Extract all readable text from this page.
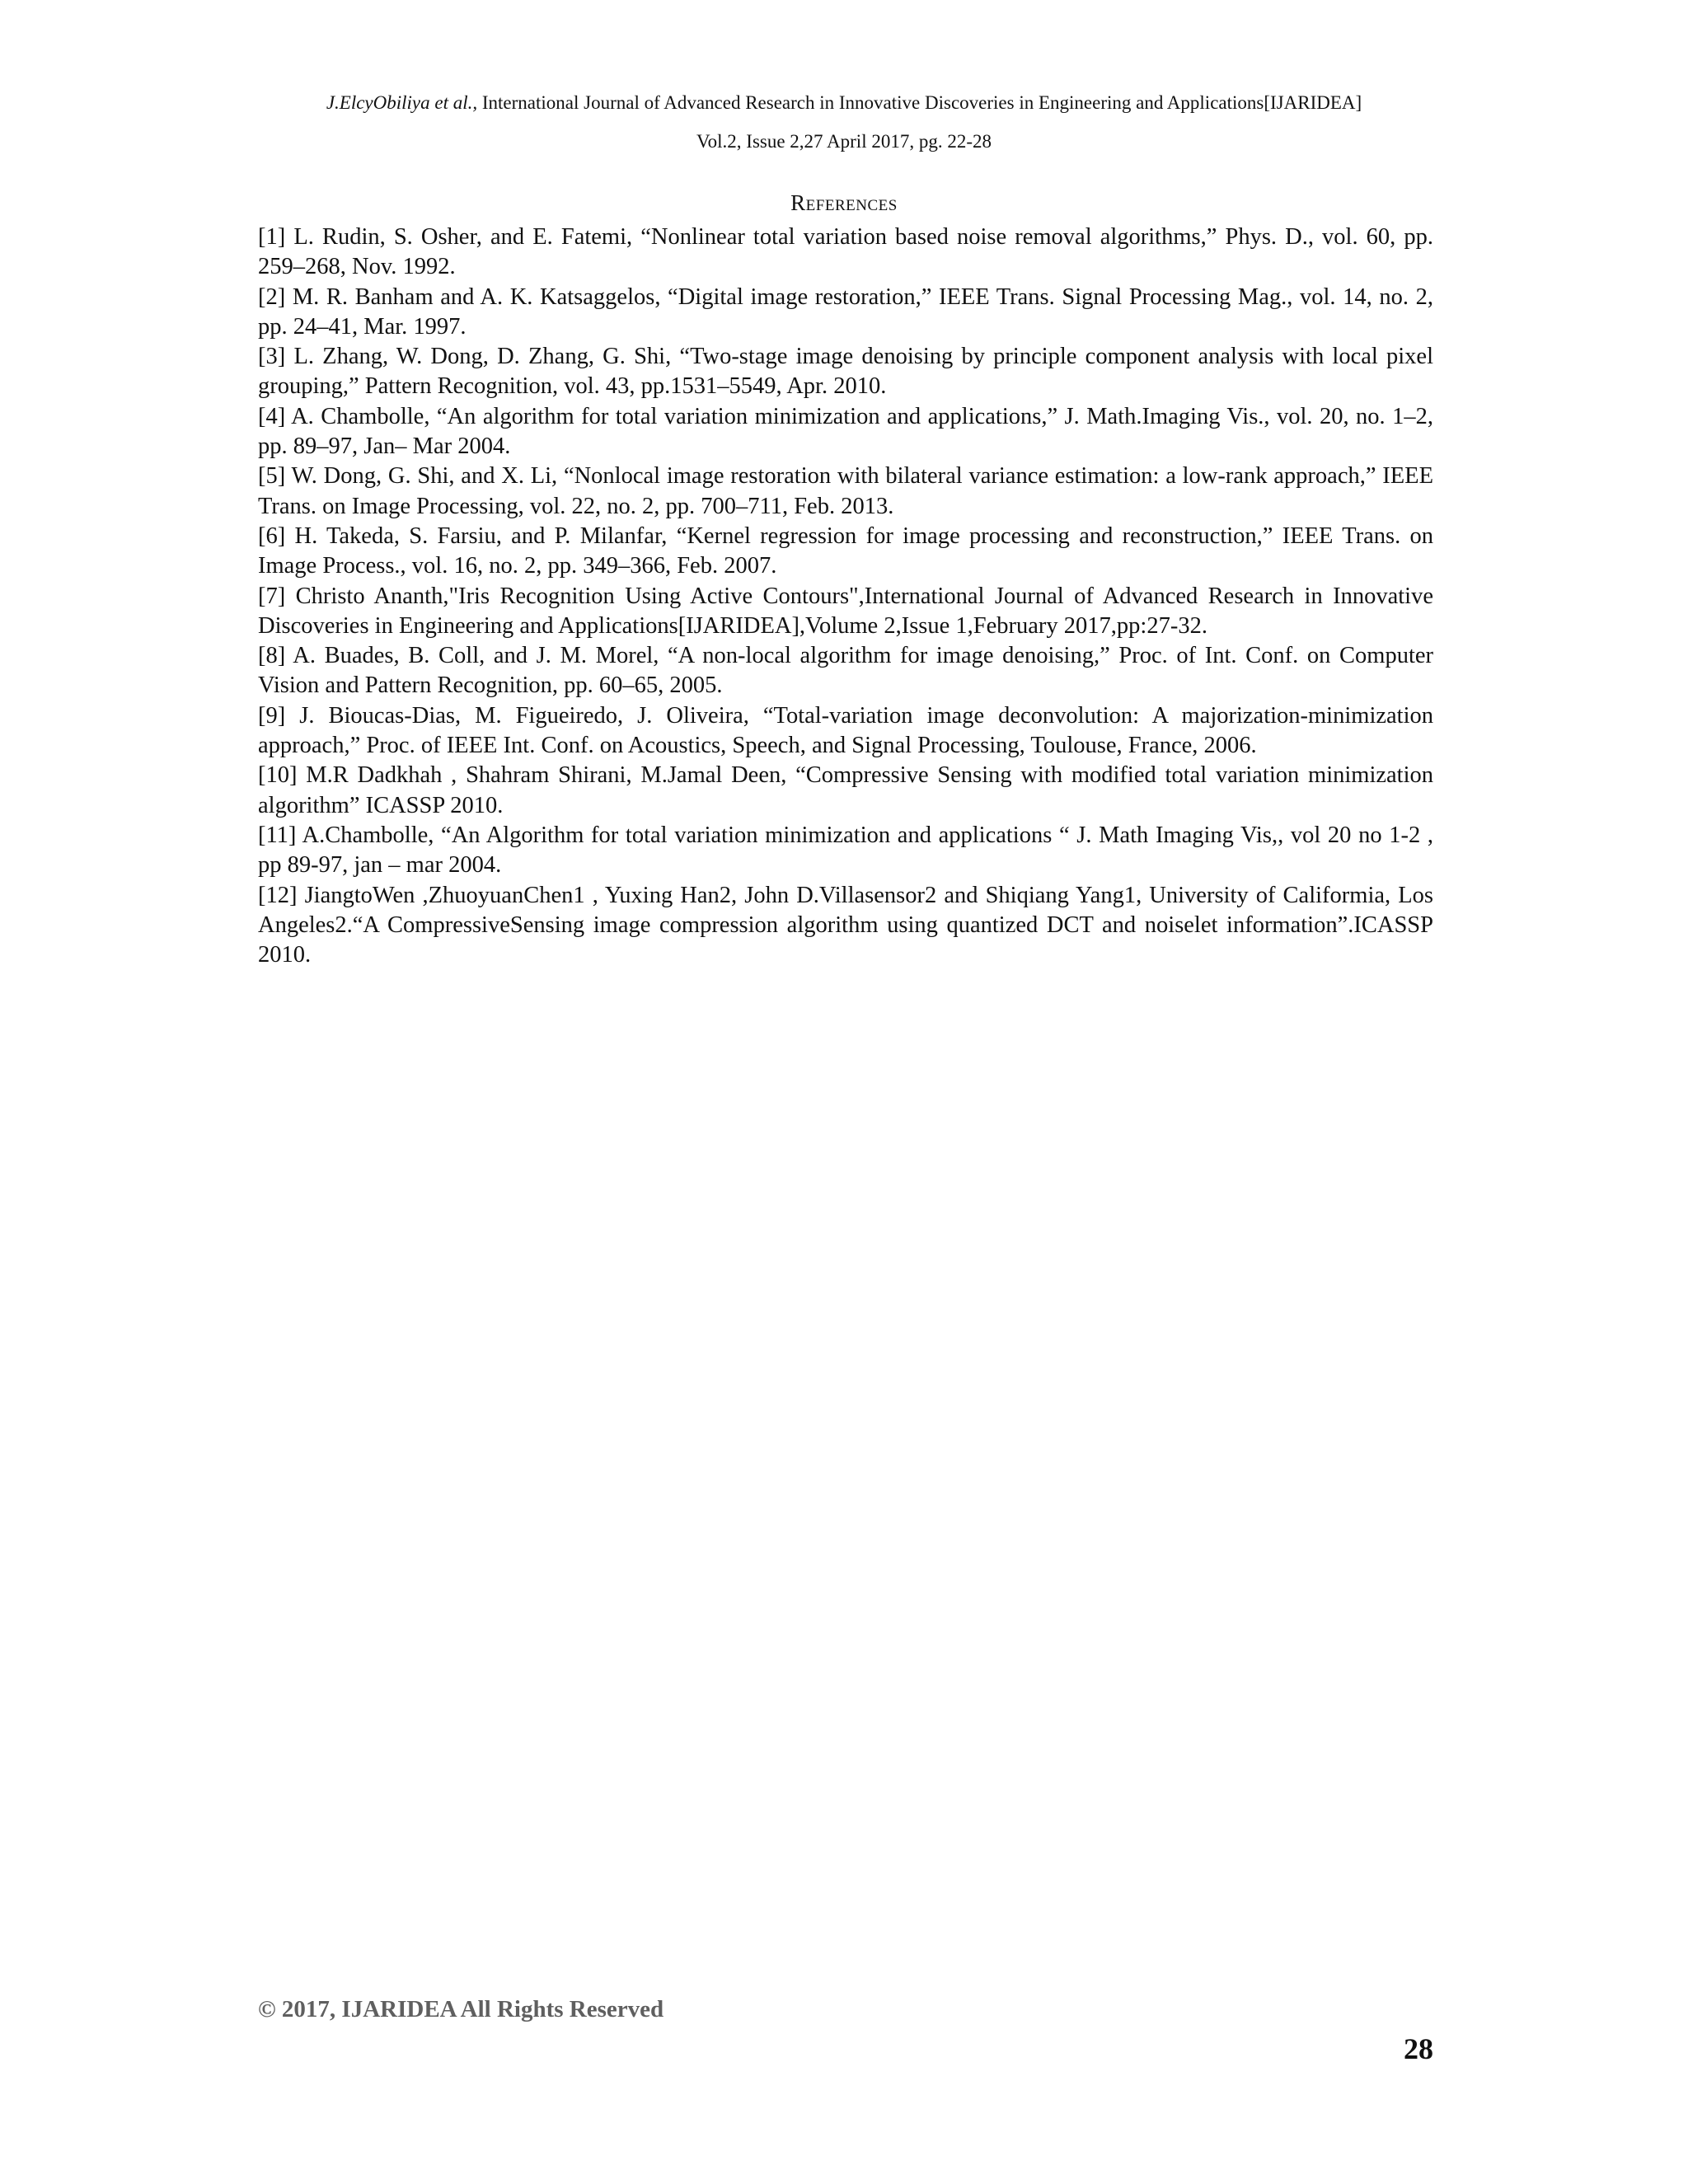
J.ElcyObiliya et al., International Journal of Advanced Research in Innovative Discoveries in Engineering and Applications[IJARIDEA]
Vol.2, Issue 2,27 April 2017, pg. 22-28
References
[1] L. Rudin, S. Osher, and E. Fatemi, “Nonlinear total variation based noise removal algorithms,” Phys. D., vol. 60, pp. 259–268, Nov. 1992.
[2] M. R. Banham and A. K. Katsaggelos, “Digital image restoration,” IEEE Trans. Signal Processing Mag., vol. 14, no. 2, pp. 24–41, Mar. 1997.
[3] L. Zhang, W. Dong, D. Zhang, G. Shi, “Two-stage image denoising by principle component analysis with local pixel grouping,” Pattern Recognition, vol. 43, pp.1531–5549, Apr. 2010.
[4] A. Chambolle, “An algorithm for total variation minimization and applications,” J. Math.Imaging Vis., vol. 20, no. 1–2, pp. 89–97, Jan– Mar 2004.
[5] W. Dong, G. Shi, and X. Li, “Nonlocal image restoration with bilateral variance estimation: a low-rank approach,” IEEE Trans. on Image Processing, vol. 22, no. 2, pp. 700–711, Feb. 2013.
[6] H. Takeda, S. Farsiu, and P. Milanfar, “Kernel regression for image processing and reconstruction,” IEEE Trans. on Image Process., vol. 16, no. 2, pp. 349–366, Feb. 2007.
[7] Christo Ananth,"Iris Recognition Using Active Contours",International Journal of Advanced Research in Innovative Discoveries in Engineering and Applications[IJARIDEA],Volume 2,Issue 1,February 2017,pp:27-32.
[8] A. Buades, B. Coll, and J. M. Morel, “A non-local algorithm for image denoising,” Proc. of Int. Conf. on Computer Vision and Pattern Recognition, pp. 60–65, 2005.
[9] J. Bioucas-Dias, M. Figueiredo, J. Oliveira, “Total-variation image deconvolution: A majorization-minimization approach,” Proc. of IEEE Int. Conf. on Acoustics, Speech, and Signal Processing, Toulouse, France, 2006.
[10] M.R Dadkhah , Shahram Shirani, M.Jamal Deen, “Compressive Sensing with modified total variation minimization algorithm” ICASSP 2010.
[11] A.Chambolle, “An Algorithm for total variation minimization and applications “ J. Math Imaging Vis,, vol 20 no 1-2 , pp 89-97, jan – mar 2004.
[12] JiangtoWen ,ZhuoyuanChen1 , Yuxing Han2, John D.Villasensor2 and Shiqiang Yang1, University of Califormia, Los Angeles2.“A CompressiveSensing image compression algorithm using quantized DCT and noiselet information”.ICASSP 2010.
© 2017, IJARIDEA All Rights Reserved
28
